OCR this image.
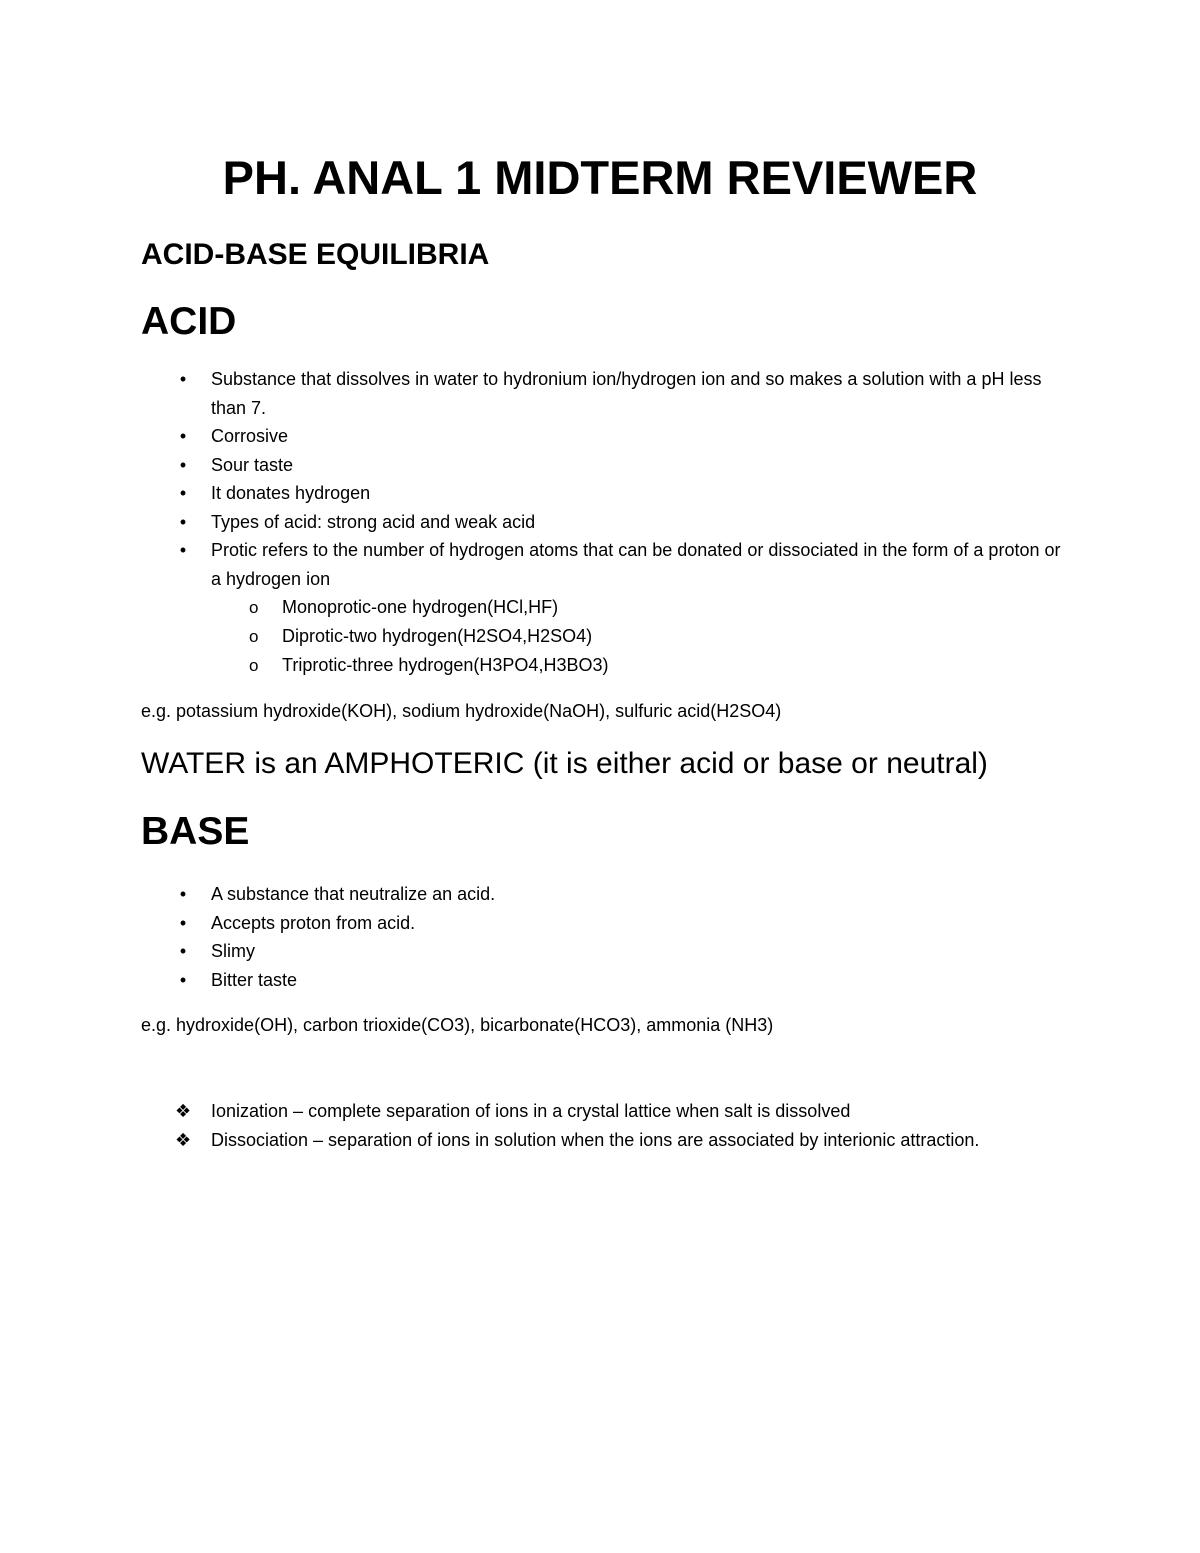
PH. ANAL 1 MIDTERM REVIEWER
ACID-BASE EQUILIBRIA
ACID
• Substance that dissolves in water to hydronium ion/hydrogen ion and so makes a solution with a pH less than 7.
• Corrosive
• Sour taste
• It donates hydrogen
• Types of acid: strong acid and weak acid
• Protic refers to the number of hydrogen atoms that can be donated or dissociated in the form of a proton or a hydrogen ion
o Monoprotic-one hydrogen(HCl,HF)
o Diprotic-two hydrogen(H2SO4,H2SO4)
o Triprotic-three hydrogen(H3PO4,H3BO3)
e.g. potassium hydroxide(KOH), sodium hydroxide(NaOH), sulfuric acid(H2SO4)
WATER is an AMPHOTERIC (it is either acid or base or neutral)
BASE
• A substance that neutralize an acid.
• Accepts proton from acid.
• Slimy
• Bitter taste
e.g. hydroxide(OH), carbon trioxide(CO3), bicarbonate(HCO3), ammonia (NH3)
❖ Ionization – complete separation of ions in a crystal lattice when salt is dissolved
❖ Dissociation – separation of ions in solution when the ions are associated by interionic attraction.
